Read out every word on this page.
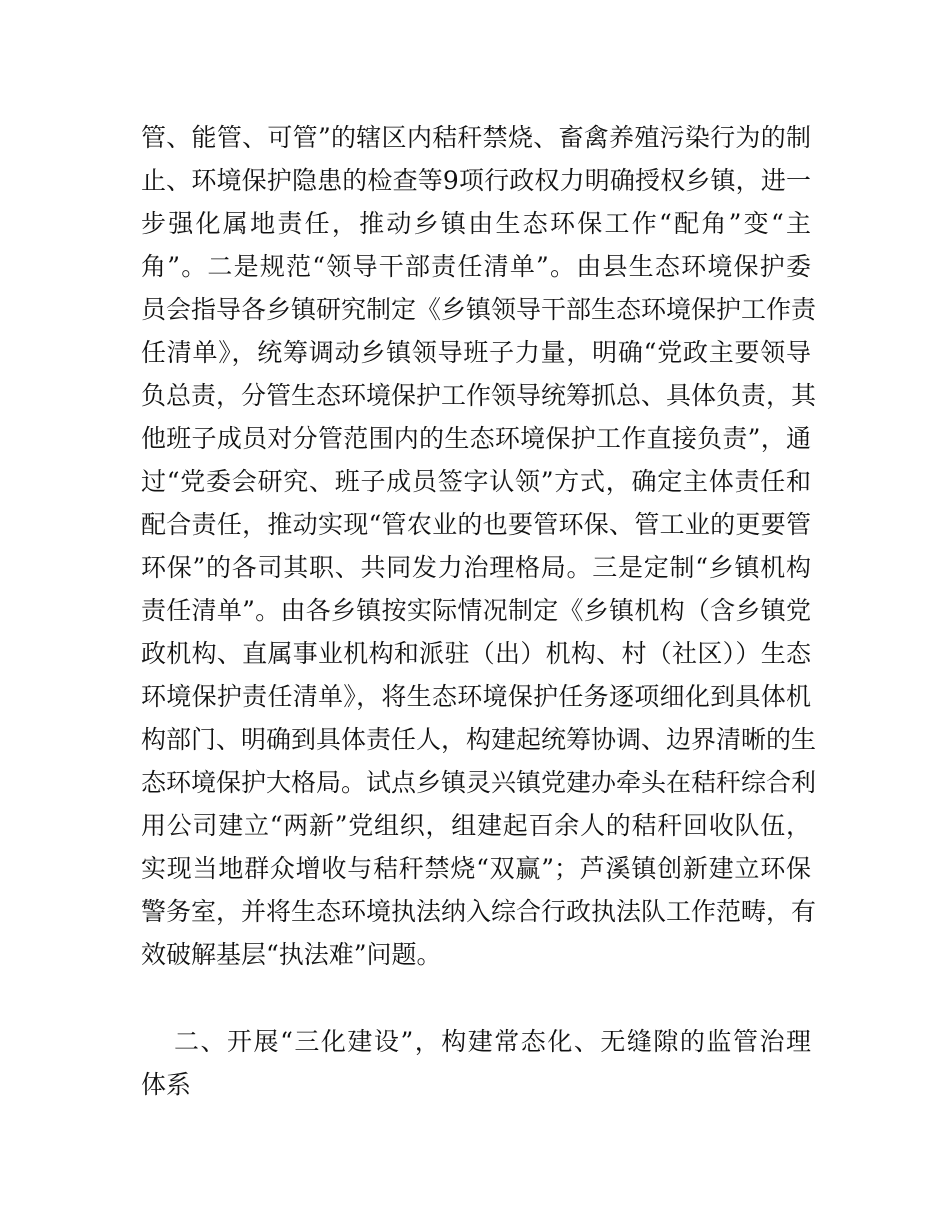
管、能管、可管”的辖区内秸秆禁烧、畜禽养殖污染行为的制
止、环境保护隐患的检查等9项行政权力明确授权乡镇，进一
步强化属地责任，推动乡镇由生态环保工作“配角”变“主
角”。二是规范“领导干部责任清单”。由县生态环境保护委
员会指导各乡镇研究制定《乡镇领导干部生态环境保护工作责
任清单》，统筹调动乡镇领导班子力量，明确“党政主要领导
负总责，分管生态环境保护工作领导统筹抓总、具体负责，其
他班子成员对分管范围内的生态环境保护工作直接负责”，通
过“党委会研究、班子成员签字认领”方式，确定主体责任和
配合责任，推动实现“管农业的也要管环保、管工业的更要管
环保”的各司其职、共同发力治理格局。三是定制“乡镇机构
责任清单”。由各乡镇按实际情况制定《乡镇机构（含乡镇党
政机构、直属事业机构和派驻（出）机构、村（社区））生态
环境保护责任清单》，将生态环境保护任务逐项细化到具体机
构部门、明确到具体责任人，构建起统筹协调、边界清晰的生
态环境保护大格局。试点乡镇灵兴镇党建办牵头在秸秆综合利
用公司建立“两新”党组织，组建起百余人的秸秆回收队伍，
实现当地群众增收与秸秆禁烧“双赢”；芦溪镇创新建立环保
警务室，并将生态环境执法纳入综合行政执法队工作范畴，有
效破解基层“执法难”问题。
二、开展“三化建设”，构建常态化、无缝隙的监管治理
体系
